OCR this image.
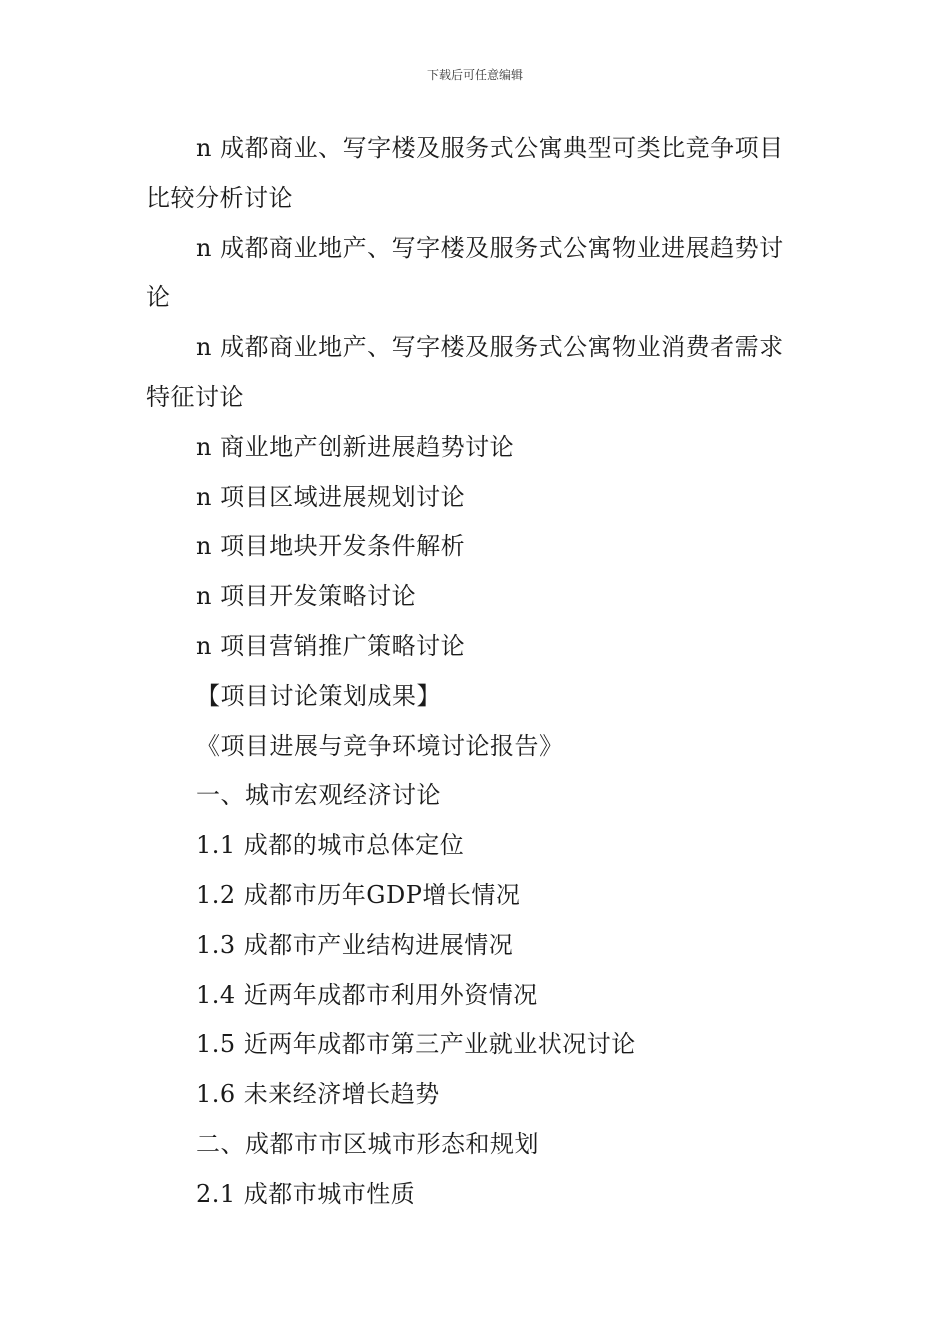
下载后可任意编辑

n 成都商业、写字楼及服务式公寓典型可类比竞争项目比较分析讨论

n 成都商业地产、写字楼及服务式公寓物业进展趋势讨论

n 成都商业地产、写字楼及服务式公寓物业消费者需求特征讨论

n 商业地产创新进展趋势讨论

n 项目区域进展规划讨论

n 项目地块开发条件解析

n 项目开发策略讨论

n 项目营销推广策略讨论

【项目讨论策划成果】

《项目进展与竞争环境讨论报告》

一、城市宏观经济讨论

1.1 成都的城市总体定位

1.2 成都市历年GDP增长情况

1.3 成都市产业结构进展情况

1.4 近两年成都市利用外资情况

1.5 近两年成都市第三产业就业状况讨论

1.6 未来经济增长趋势

二、成都市市区城市形态和规划

2.1 成都市城市性质
